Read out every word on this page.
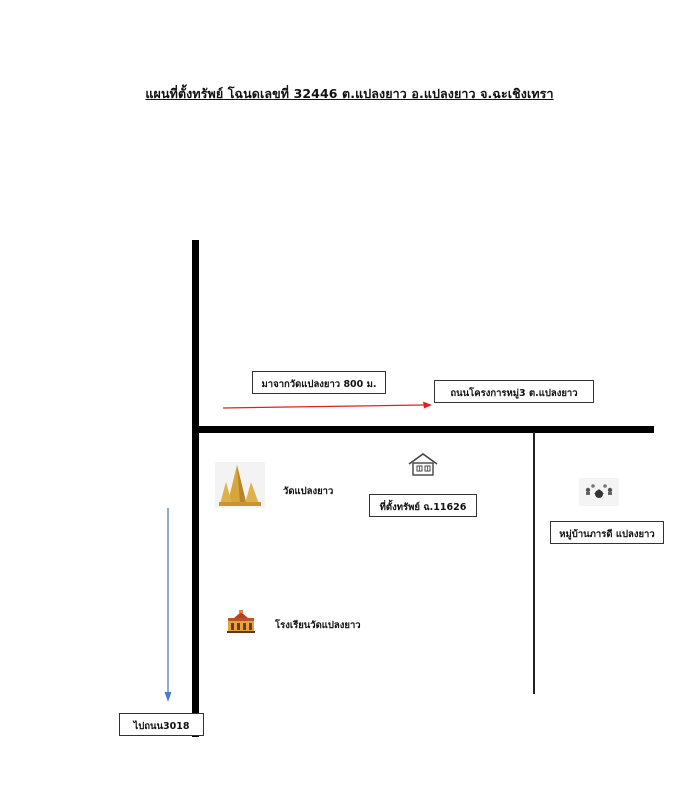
แผนที่ตั้งทรัพย์ โฉนดเลขที่ 32446 ต.แปลงยาว อ.แปลงยาว จ.ฉะเชิงเทรา
มาจากวัดแปลงยาว 800 ม.
ถนนโครงการหมู่3 ต.แปลงยาว
ที่ตั้งทรัพย์ ฉ.11626
หมู่บ้านภารดี แปลงยาว
ไปถนน3018
วัดแปลงยาว
โรงเรียนวัดแปลงยาว
